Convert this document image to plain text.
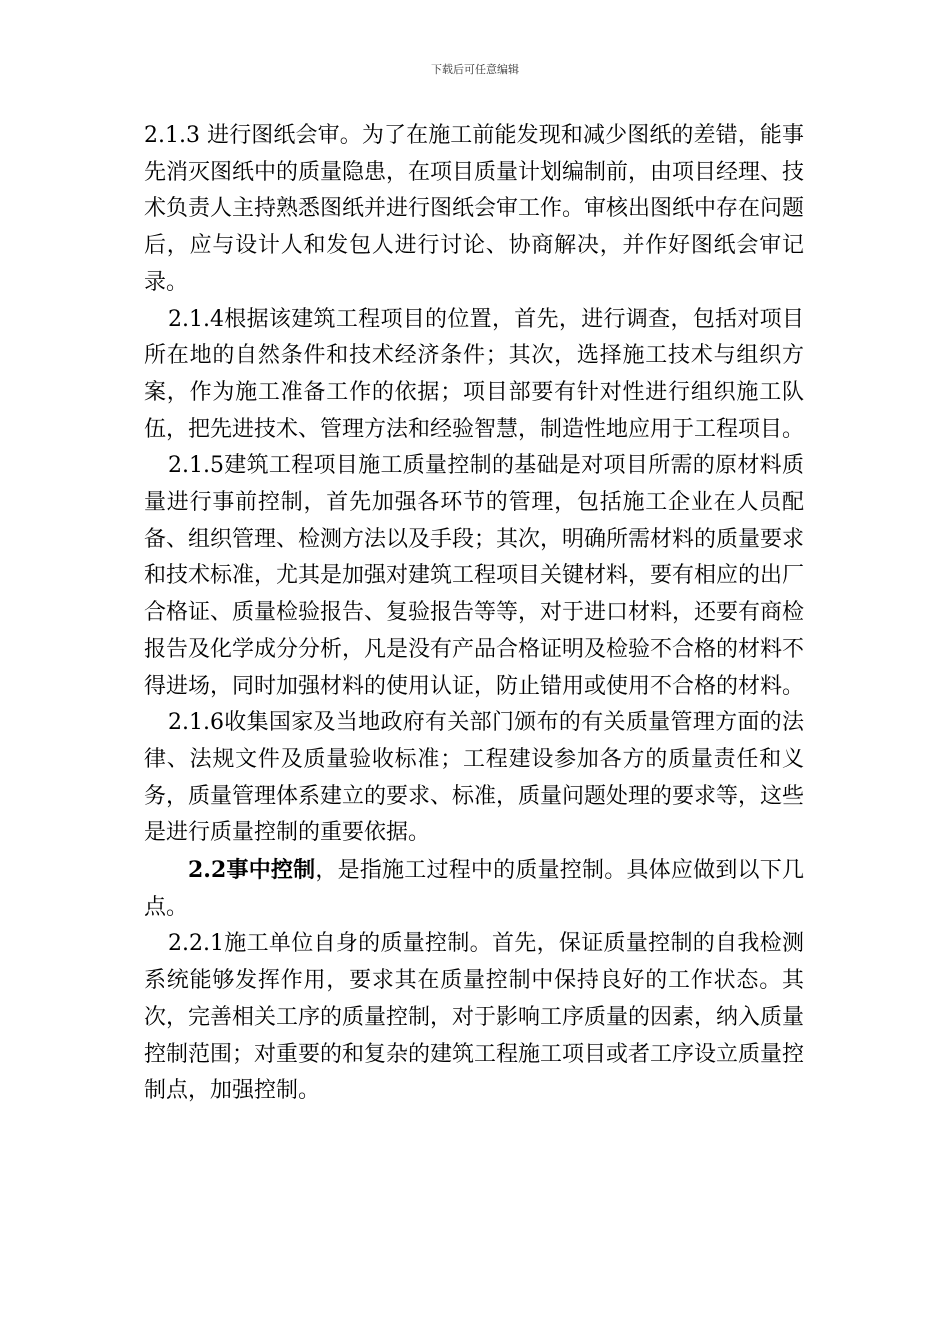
下载后可任意编辑

2.1.3 进行图纸会审。为了在施工前能发现和减少图纸的差错，能事先消灭图纸中的质量隐患，在项目质量计划编制前，由项目经理、技术负责人主持熟悉图纸并进行图纸会审工作。审核出图纸中存在问题后，应与设计人和发包人进行讨论、协商解决，并作好图纸会审记录。

2.1.4根据该建筑工程项目的位置，首先，进行调查，包括对项目所在地的自然条件和技术经济条件；其次，选择施工技术与组织方案，作为施工准备工作的依据；项目部要有针对性进行组织施工队伍，把先进技术、管理方法和经验智慧，制造性地应用于工程项目。

2.1.5建筑工程项目施工质量控制的基础是对项目所需的原材料质量进行事前控制，首先加强各环节的管理，包括施工企业在人员配备、组织管理、检测方法以及手段；其次，明确所需材料的质量要求和技术标准，尤其是加强对建筑工程项目关键材料，要有相应的出厂合格证、质量检验报告、复验报告等等，对于进口材料，还要有商检报告及化学成分分析，凡是没有产品合格证明及检验不合格的材料不得进场，同时加强材料的使用认证，防止错用或使用不合格的材料。

2.1.6收集国家及当地政府有关部门颁布的有关质量管理方面的法律、法规文件及质量验收标准；工程建设参加各方的质量责任和义务，质量管理体系建立的要求、标准，质量问题处理的要求等，这些是进行质量控制的重要依据。

2.2事中控制，是指施工过程中的质量控制。具体应做到以下几点。

2.2.1施工单位自身的质量控制。首先，保证质量控制的自我检测系统能够发挥作用，要求其在质量控制中保持良好的工作状态。其次，完善相关工序的质量控制，对于影响工序质量的因素，纳入质量控制范围；对重要的和复杂的建筑工程施工项目或者工序设立质量控制点，加强控制。
